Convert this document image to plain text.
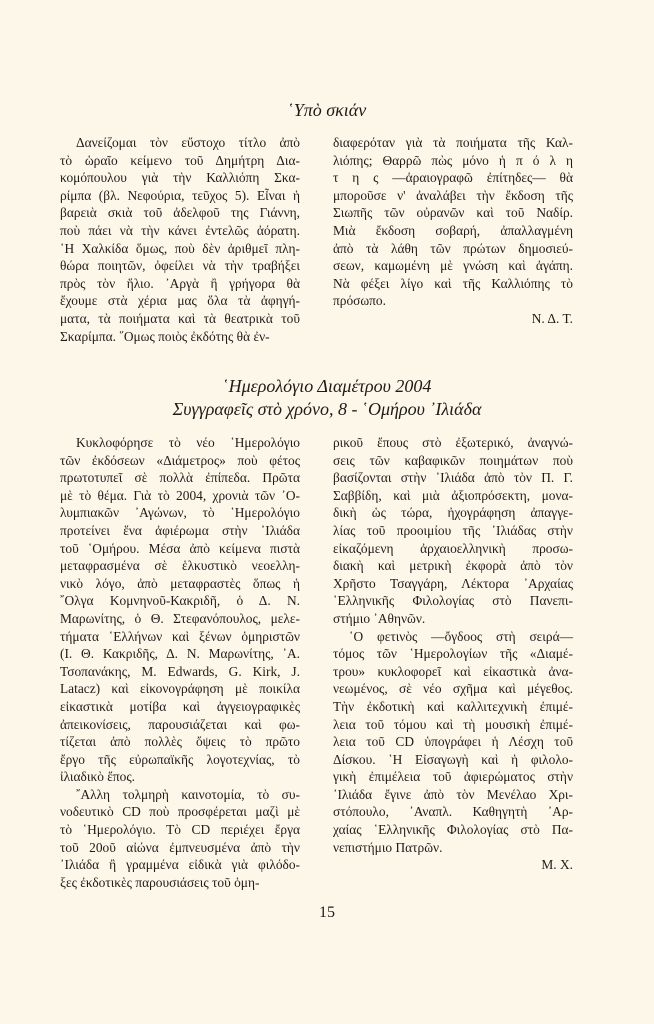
῾Υπὸ σκιάν
Δανείζομαι τὸν εὔστοχο τίτλο ἀπὸ
τὸ ὡραῖο κείμενο τοῦ Δημήτρη Δια-
κομόπουλου γιὰ τὴν Καλλιόπη Σκα-
ρίμπα (βλ. Νεφούρια, τεῦχος 5). Εἶναι ἡ
βαρειὰ σκιὰ τοῦ ἀδελφοῦ της Γιάννη,
ποὺ πάει νὰ τὴν κάνει ἐντελῶς ἀόρατη.
῾Η Χαλκίδα ὅμως, ποὺ δὲν ἀριθμεῖ πλη-
θώρα ποιητῶν, ὀφείλει νὰ τὴν τραβήξει
πρὸς τὸν ἥλιο. ᾿Αργὰ ἢ γρήγορα θὰ
ἔχουμε στὰ χέρια μας ὅλα τὰ ἀφηγή-
ματα, τὰ ποιήματα καὶ τὰ θεατρικὰ τοῦ
Σκαρίμπα. ῞Ομως ποιὸς ἐκδότης θὰ ἐν-
διαφερόταν γιὰ τὰ ποιήματα τῆς Καλ-
λιόπης; Θαρρῶ πὼς μόνο ἡ π ό λ η
τ η ς —ἀραιογραφῶ ἐπίτηδες— θὰ
μποροῦσε ν' ἀναλάβει τὴν ἔκδοση τῆς
Σιωπῆς τῶν οὐρανῶν καὶ τοῦ Ναδίρ.
Μιὰ ἔκδοση σοβαρή, ἀπαλλαγμένη
ἀπὸ τὰ λάθη τῶν πρώτων δημοσιεύ-
σεων, καμωμένη μὲ γνώση καὶ ἀγάπη.
Νὰ φέξει λίγο καὶ τῆς Καλλιόπης τὸ
πρόσωπο.
Ν. Δ. Τ.
῾Ημερολόγιο Διαμέτρου 2004
Συγγραφεῖς στὸ χρόνο, 8 - ῾Ομήρου ᾿Ιλιάδα
Κυκλοφόρησε τὸ νέο ῾Ημερολόγιο
τῶν ἐκδόσεων «Διάμετρος» ποὺ φέτος
πρωτοτυπεῖ σὲ πολλὰ ἐπίπεδα. Πρῶτα
μὲ τὸ θέμα. Γιὰ τὸ 2004, χρονιὰ τῶν ᾿Ο-
λυμπιακῶν ᾿Αγώνων, τὸ ῾Ημερολόγιο
προτείνει ἕνα ἀφιέρωμα στὴν ᾿Ιλιάδα
τοῦ ῾Ομήρου. Μέσα ἀπὸ κείμενα πιστὰ
μεταφρασμένα σὲ ἑλκυστικὸ νεοελλη-
νικὸ λόγο, ἀπὸ μεταφραστὲς ὅπως ἡ
῎Ολγα Κομνηνοῦ-Κακριδῆ, ὁ Δ. Ν.
Μαρωνίτης, ὁ Θ. Στεφανόπουλος, μελε-
τήματα ῾Ελλήνων καὶ ξένων ὁμηριστῶν
(Ι. Θ. Κακριδῆς, Δ. Ν. Μαρωνίτης, ᾿Α.
Τσοπανάκης, M. Edwards, G. Kirk, J.
Latacz) καὶ εἰκονογράφηση μὲ ποικίλα
εἰκαστικὰ μοτίβα καὶ ἀγγειογραφικὲς
ἀπεικονίσεις, παρουσιάζεται καὶ φω-
τίζεται ἀπὸ πολλὲς ὄψεις τὸ πρῶτο
ἔργο τῆς εὐρωπαϊκῆς λογοτεχνίας, τὸ
ἰλιαδικὸ ἔπος.
῎Αλλη τολμηρὴ καινοτομία, τὸ συ-
νοδευτικὸ CD ποὺ προσφέρεται μαζὶ μὲ
τὸ ῾Ημερολόγιο. Τὸ CD περιέχει ἔργα
τοῦ 20οῦ αἰώνα ἐμπνευσμένα ἀπὸ τὴν
᾿Ιλιάδα ἢ γραμμένα εἰδικὰ γιὰ φιλόδο-
ξες ἐκδοτικὲς παρουσιάσεις τοῦ ὁμη-
ρικοῦ ἔπους στὸ ἐξωτερικό, ἀναγνώ-
σεις τῶν καβαφικῶν ποιημάτων ποὺ
βασίζονται στὴν ᾿Ιλιάδα ἀπὸ τὸν Π. Γ.
Σαββίδη, καὶ μιὰ ἀξιοπρόσεκτη, μονα-
δικὴ ὡς τώρα, ἠχογράφηση ἀπαγγε-
λίας τοῦ προοιμίου τῆς ᾿Ιλιάδας στὴν
εἰκαζόμενη ἀρχαιοελληνικὴ προσω-
διακὴ καὶ μετρικὴ ἐκφορὰ ἀπὸ τὸν
Χρῆστο Τσαγγάρη, Λέκτορα ᾿Αρχαίας
῾Ελληνικῆς Φιλολογίας στὸ Πανεπι-
στήμιο ᾿Αθηνῶν.
῾Ο φετινὸς —ὄγδοος στὴ σειρά—
τόμος τῶν ῾Ημερολογίων τῆς «Διαμέ-
τρου» κυκλοφορεῖ καὶ εἰκαστικὰ ἀνα-
νεωμένος, σὲ νέο σχῆμα καὶ μέγεθος.
Τὴν ἐκδοτικὴ καὶ καλλιτεχνικὴ ἐπιμέ-
λεια τοῦ τόμου καὶ τὴ μουσικὴ ἐπιμέ-
λεια τοῦ CD ὑπογράφει ἡ Λέσχη τοῦ
Δίσκου. ῾Η Εἰσαγωγὴ καὶ ἡ φιλολο-
γικὴ ἐπιμέλεια τοῦ ἀφιερώματος στὴν
᾿Ιλιάδα ἔγινε ἀπὸ τὸν Μενέλαο Χρι-
στόπουλο, ᾿Αναπλ. Καθηγητὴ ᾿Αρ-
χαίας ῾Ελληνικῆς Φιλολογίας στὸ Πα-
νεπιστήμιο Πατρῶν.
Μ. Χ.
15
